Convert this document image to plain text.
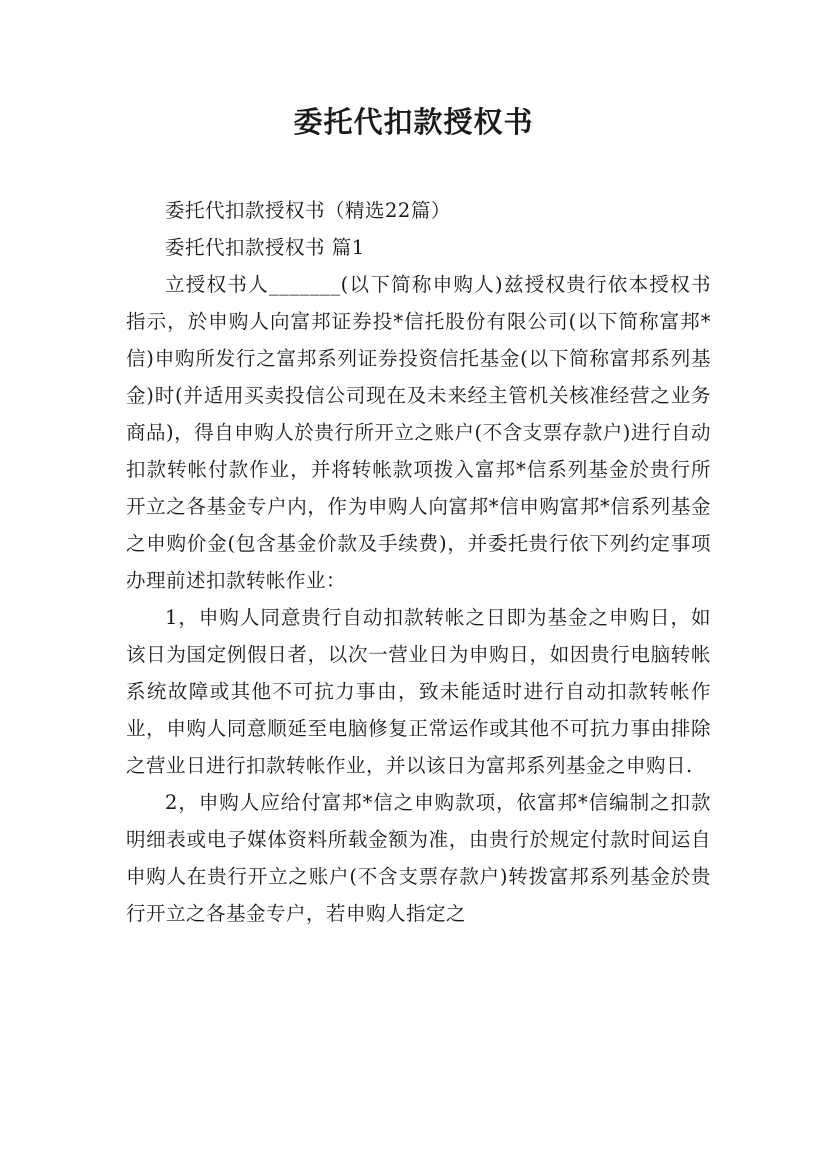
委托代扣款授权书

委托代扣款授权书（精选22篇）

委托代扣款授权书 篇1

立授权书人_______(以下简称申购人)兹授权贵行依本授权书指示，於申购人向富邦证券投*信托股份有限公司(以下简称富邦*信)申购所发行之富邦系列证券投资信托基金(以下简称富邦系列基金)时(并适用买卖投信公司现在及未来经主管机关核准经营之业务商品)，得自申购人於贵行所开立之账户(不含支票存款户)进行自动扣款转帐付款作业，并将转帐款项拨入富邦*信系列基金於贵行所开立之各基金专户内，作为申购人向富邦*信申购富邦*信系列基金之申购价金(包含基金价款及手续费)，并委托贵行依下列约定事项办理前述扣款转帐作业：

1，申购人同意贵行自动扣款转帐之日即为基金之申购日，如该日为国定例假日者，以次一营业日为申购日，如因贵行电脑转帐系统故障或其他不可抗力事由，致未能适时进行自动扣款转帐作业，申购人同意顺延至电脑修复正常运作或其他不可抗力事由排除之营业日进行扣款转帐作业，并以该日为富邦系列基金之申购日.

2，申购人应给付富邦*信之申购款项，依富邦*信编制之扣款明细表或电子媒体资料所载金额为准，由贵行於规定付款时间运自申购人在贵行开立之账户(不含支票存款户)转拨富邦系列基金於贵行开立之各基金专户，若申购人指定之
